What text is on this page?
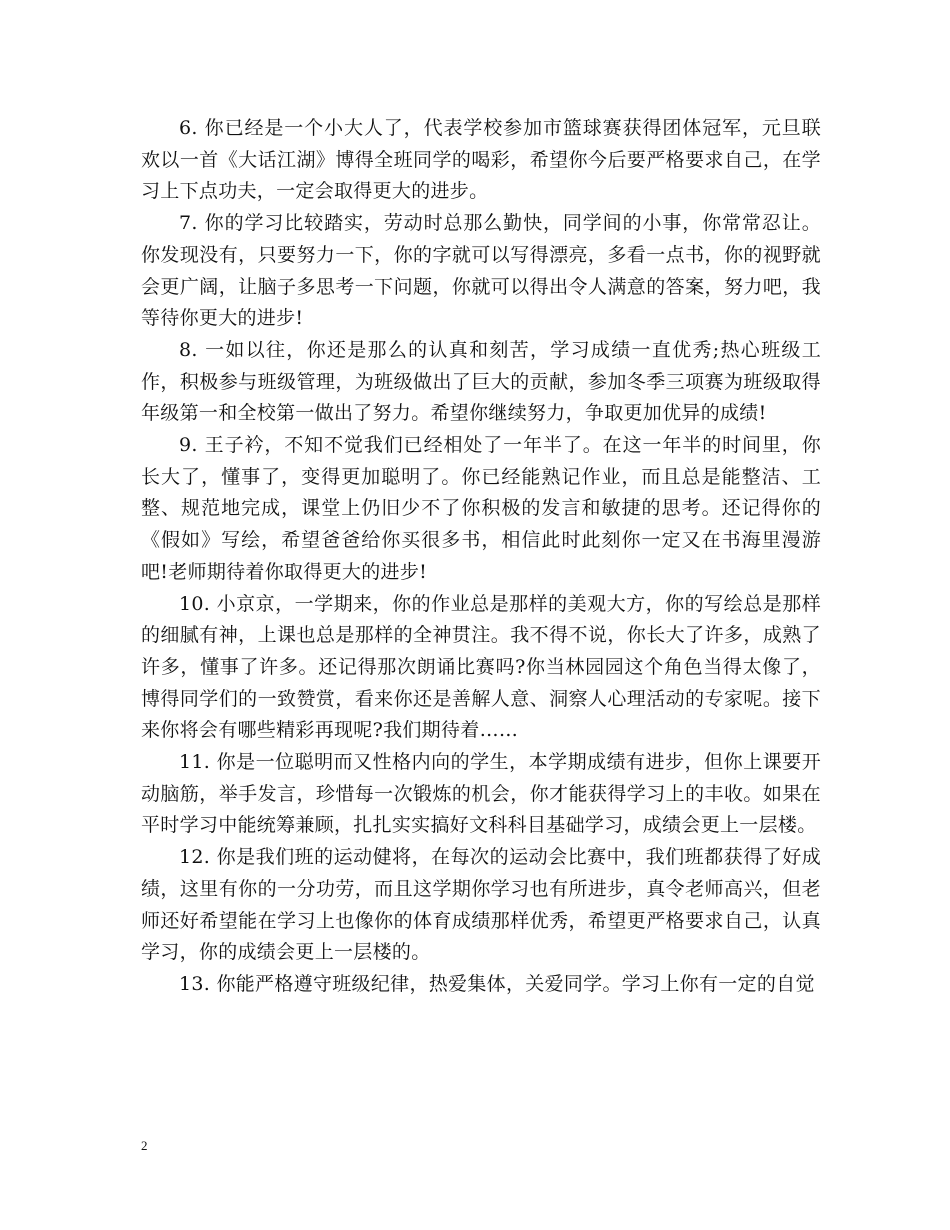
6. 你已经是一个小大人了，代表学校参加市篮球赛获得团体冠军，元旦联欢以一首《大话江湖》博得全班同学的喝彩，希望你今后要严格要求自己，在学习上下点功夫，一定会取得更大的进步。

7. 你的学习比较踏实，劳动时总那么勤快，同学间的小事，你常常忍让。你发现没有，只要努力一下，你的字就可以写得漂亮，多看一点书，你的视野就会更广阔，让脑子多思考一下问题，你就可以得出令人满意的答案，努力吧，我等待你更大的进步!

8. 一如以往，你还是那么的认真和刻苦，学习成绩一直优秀;热心班级工作，积极参与班级管理，为班级做出了巨大的贡献，参加冬季三项赛为班级取得年级第一和全校第一做出了努力。希望你继续努力，争取更加优异的成绩!

9. 王子衿，不知不觉我们已经相处了一年半了。在这一年半的时间里，你长大了，懂事了，变得更加聪明了。你已经能熟记作业，而且总是能整洁、工整、规范地完成，课堂上仍旧少不了你积极的发言和敏捷的思考。还记得你的《假如》写绘，希望爸爸给你买很多书，相信此时此刻你一定又在书海里漫游吧!老师期待着你取得更大的进步!

10. 小京京，一学期来，你的作业总是那样的美观大方，你的写绘总是那样的细腻有神，上课也总是那样的全神贯注。我不得不说，你长大了许多，成熟了许多，懂事了许多。还记得那次朗诵比赛吗?你当林园园这个角色当得太像了，博得同学们的一致赞赏，看来你还是善解人意、洞察人心理活动的专家呢。接下来你将会有哪些精彩再现呢?我们期待着……

11. 你是一位聪明而又性格内向的学生，本学期成绩有进步，但你上课要开动脑筋，举手发言，珍惜每一次锻炼的机会，你才能获得学习上的丰收。如果在平时学习中能统筹兼顾，扎扎实实搞好文科科目基础学习，成绩会更上一层楼。

12. 你是我们班的运动健将，在每次的运动会比赛中，我们班都获得了好成绩，这里有你的一分功劳，而且这学期你学习也有所进步，真令老师高兴，但老师还好希望能在学习上也像你的体育成绩那样优秀，希望更严格要求自己，认真学习，你的成绩会更上一层楼的。

13. 你能严格遵守班级纪律，热爱集体，关爱同学。学习上你有一定的自觉

2
